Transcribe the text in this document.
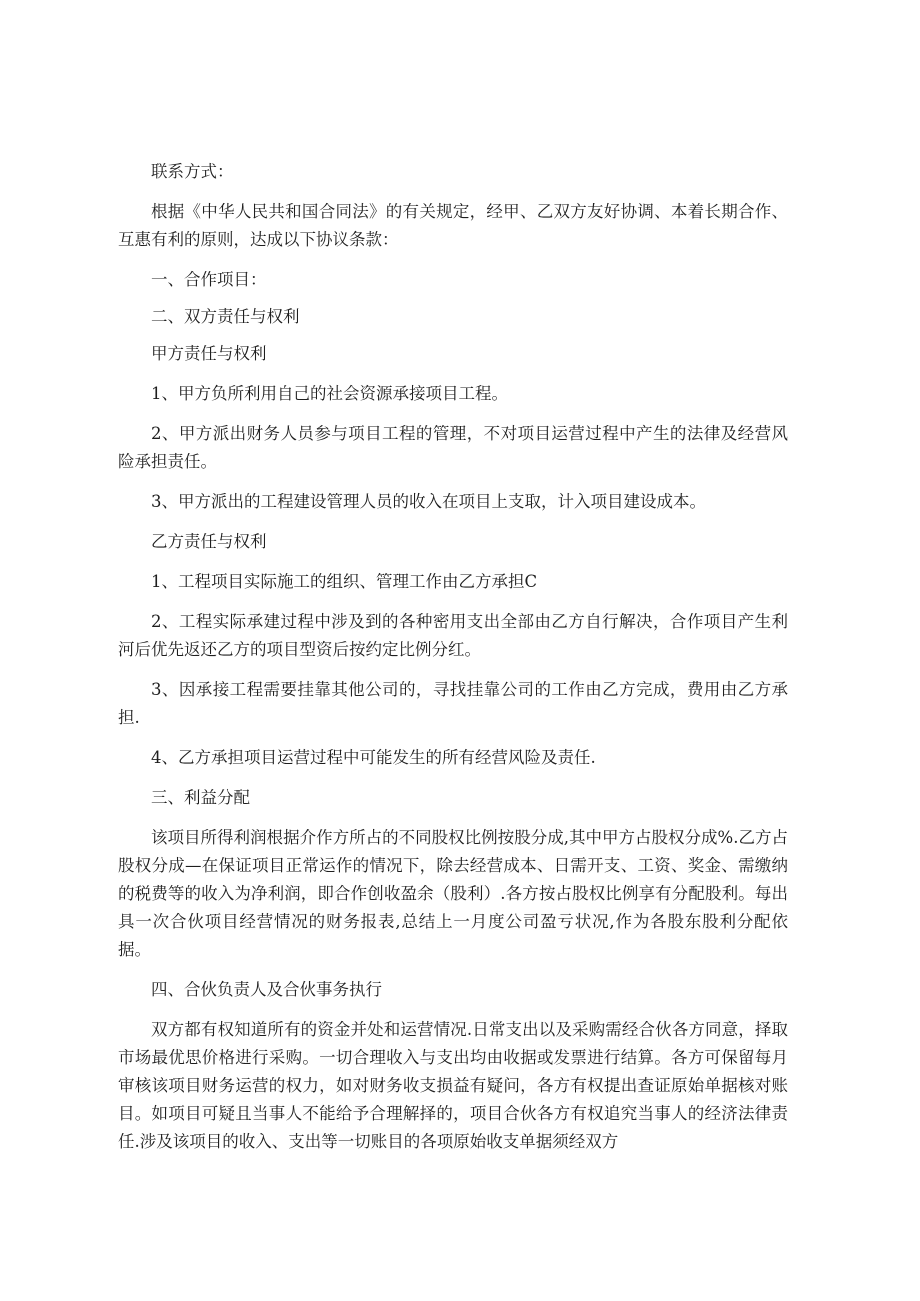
联系方式：

根据《中华人民共和国合同法》的有关规定，经甲、乙双方友好协调、本着长期合作、互惠有利的原则，达成以下协议条款：

一、合作项目：

二、双方责任与权利

甲方责任与权利

1、甲方负所利用自己的社会资源承接项目工程。

2、甲方派出财务人员参与项目工程的管理，不对项目运营过程中产生的法律及经营风险承担责任。

3、甲方派出的工程建设管理人员的收入在项目上支取，计入项目建设成本。

乙方责任与权利

1、工程项目实际施工的组织、管理工作由乙方承担C

2、工程实际承建过程中涉及到的各种密用支出全部由乙方自行解决，合作项目产生利河后优先返还乙方的项目型资后按约定比例分红。

3、因承接工程需要挂靠其他公司的，寻找挂靠公司的工作由乙方完成，费用由乙方承担.

4、乙方承担项目运营过程中可能发生的所有经营风险及责任.

三、利益分配

该项目所得利润根据介作方所占的不同股权比例按股分成,其中甲方占股权分成%.乙方占股权分成—在保证项目正常运作的情况下，除去经营成本、日需开支、工资、奖金、需缴纳的税费等的收入为净利润，即合作创收盈余（股利）.各方按占股权比例享有分配股利。每出具一次合伙项目经营情况的财务报表,总结上一月度公司盈亏状况,作为各股东股利分配依据。

四、合伙负责人及合伙事务执行

双方都有权知道所有的资金并处和运营情况.日常支出以及采购需经合伙各方同意，择取市场最优思价格进行采购。一切合理收入与支出均由收据或发票进行结算。各方可保留每月审核该项目财务运营的权力，如对财务收支损益有疑问，各方有权提出查证原始单据核对账目。如项目可疑且当事人不能给予合理解择的，项目合伙各方有权追究当事人的经济法律责任.涉及该项目的收入、支出等一切账目的各项原始收支单据须经双方
